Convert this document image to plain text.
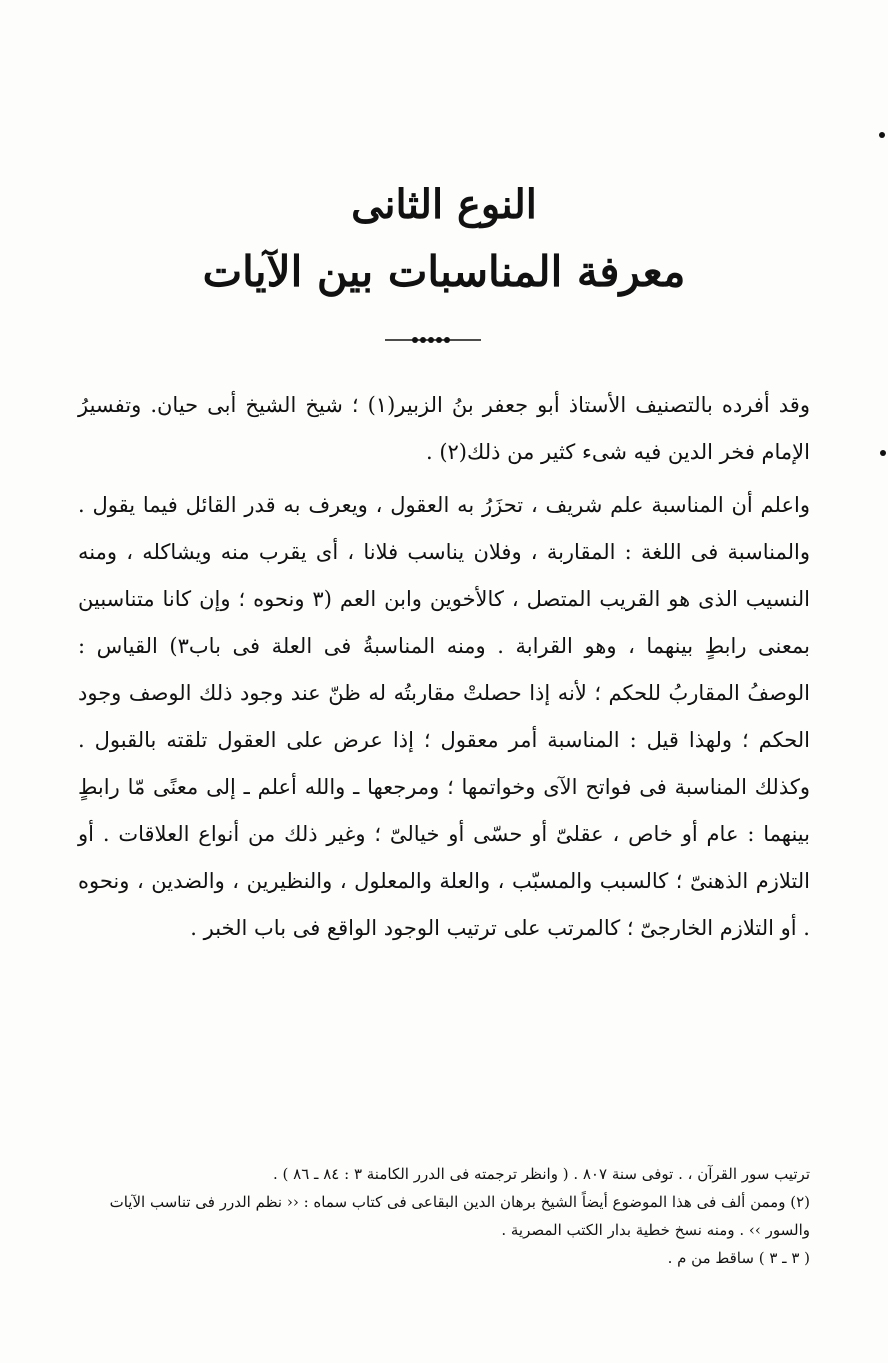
النوع الثانى
معرفة المناسبات بين الآيات

وقد أفرده بالتصنيف الأستاذ أبو جعفر بنُ الزبير(١) ؛ شيخ الشيخ أبى حيان. وتفسيرُ الإمام فخر الدين فيه شىء كثير من ذلك(٢) .

واعلم أن المناسبة علم شريف ، تحزَرُ به العقول ، ويعرف به قدر القائل فيما يقول . والمناسبة فى اللغة : المقاربة ، وفلان يناسب فلانا ، أى يقرب منه ويشاكله ، ومنه النسيب الذى هو القريب المتصل ، كالأخوين وابن العم (٣ ونحوه ؛ وإن كانا متناسبين بمعنى رابطٍ بينهما ، وهو القرابة . ومنه المناسبةُ فى العلة فى باب٣) القياس : الوصفُ المقاربُ للحكم ؛ لأنه إذا حصلتْ مقاربتُه له ظنّ عند وجود ذلك الوصف وجود الحكم ؛ ولهذا قيل : المناسبة أمر معقول ؛ إذا عرض على العقول تلقته بالقبول . وكذلك المناسبة فى فواتح الآى وخواتمها ؛ ومرجعها ـ والله أعلم ـ إلى معنًى مّا رابطٍ بينهما : عام أو خاص ، عقلىّ أو حسّى أو خيالىّ ؛ وغير ذلك من أنواع العلاقات . أو التلازم الذهنىّ ؛ كالسبب والمسبّب ، والعلة والمعلول ، والنظيرين ، والضدين ، ونحوه . أو التلازم الخارجىّ ؛ كالمرتب على ترتيب الوجود الواقع فى باب الخبر .

ترتيب سور القرآن ، . توفى سنة ٨٠٧ . ( وانظر ترجمته فى الدرر الكامنة ٣ : ٨٤ ـ ٨٦ ) .

(٢) وممن ألف فى هذا الموضوع أيضاً الشيخ برهان الدين البقاعى فى كتاب سماه : ‹‹ نظم الدرر فى تناسب الآيات والسور ›› . ومنه نسخ خطية بدار الكتب المصرية .

( ٣ ـ ٣ ) ساقط من م .
